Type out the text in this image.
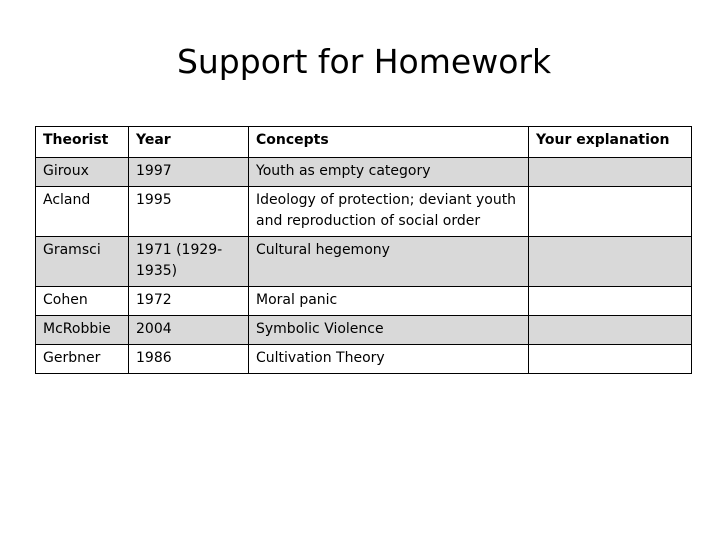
Support for Homework
Theorist	Year	Concepts	Your explanation
Giroux	1997	Youth as empty category	
Acland	1995	Ideology of protection; deviant youth and reproduction of social order	
Gramsci	1971 (1929-1935)	Cultural hegemony	
Cohen	1972	Moral panic	
McRobbie	2004	Symbolic Violence	
Gerbner	1986	Cultivation Theory	
